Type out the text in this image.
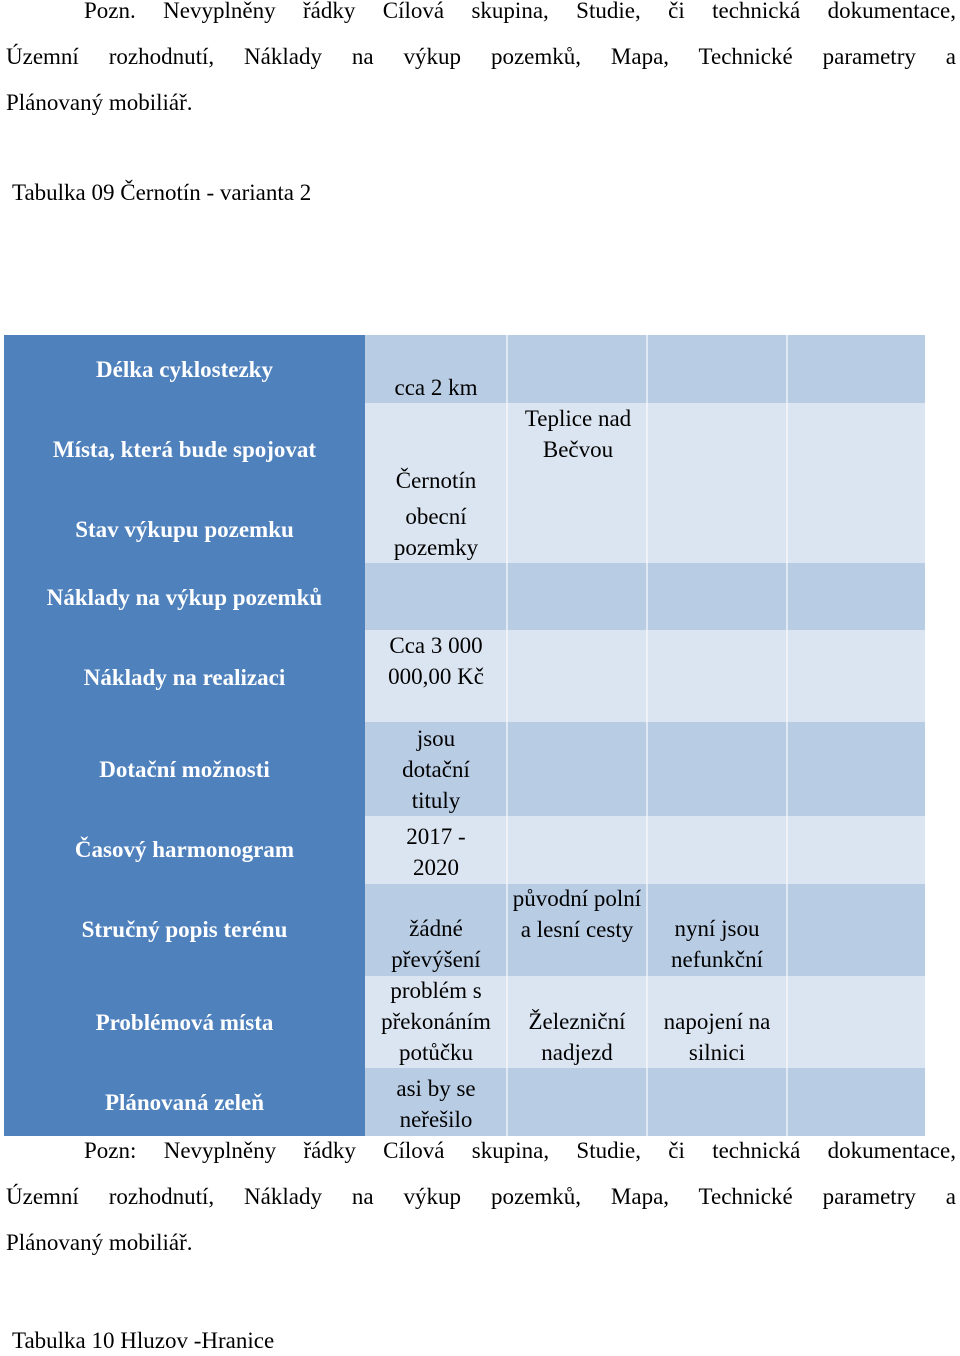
Pozn. Nevyplněny řádky Cílová skupina, Studie, či technická dokumentace,
Územní rozhodnutí, Náklady na výkup pozemků, Mapa, Technické parametry a
Plánovaný mobiliář.
Tabulka 09 Černotín - varianta 2
Délka cyklostezky
Místa, která bude spojovat
Stav výkupu pozemku
Náklady na výkup pozemků
Náklady na realizaci
Dotační možnosti
Časový harmonogram
Stručný popis terénu
Problémová místa
Plánovaná zeleň
cca 2 km
Černotín
obecní pozemky
Cca 3 000 000,00 Kč
jsou dotační tituly
2017 - 2020
žádné převýšení
problém s překonáním potůčku
asi by se neřešilo
Teplice nad Bečvou
původní polní a lesní cesty
Železniční nadjezd
nyní jsou nefunkční
napojení na silnici
Pozn: Nevyplněny řádky Cílová skupina, Studie, či technická dokumentace,
Územní rozhodnutí, Náklady na výkup pozemků, Mapa, Technické parametry a
Plánovaný mobiliář.
Tabulka 10 Hluzov -Hranice
